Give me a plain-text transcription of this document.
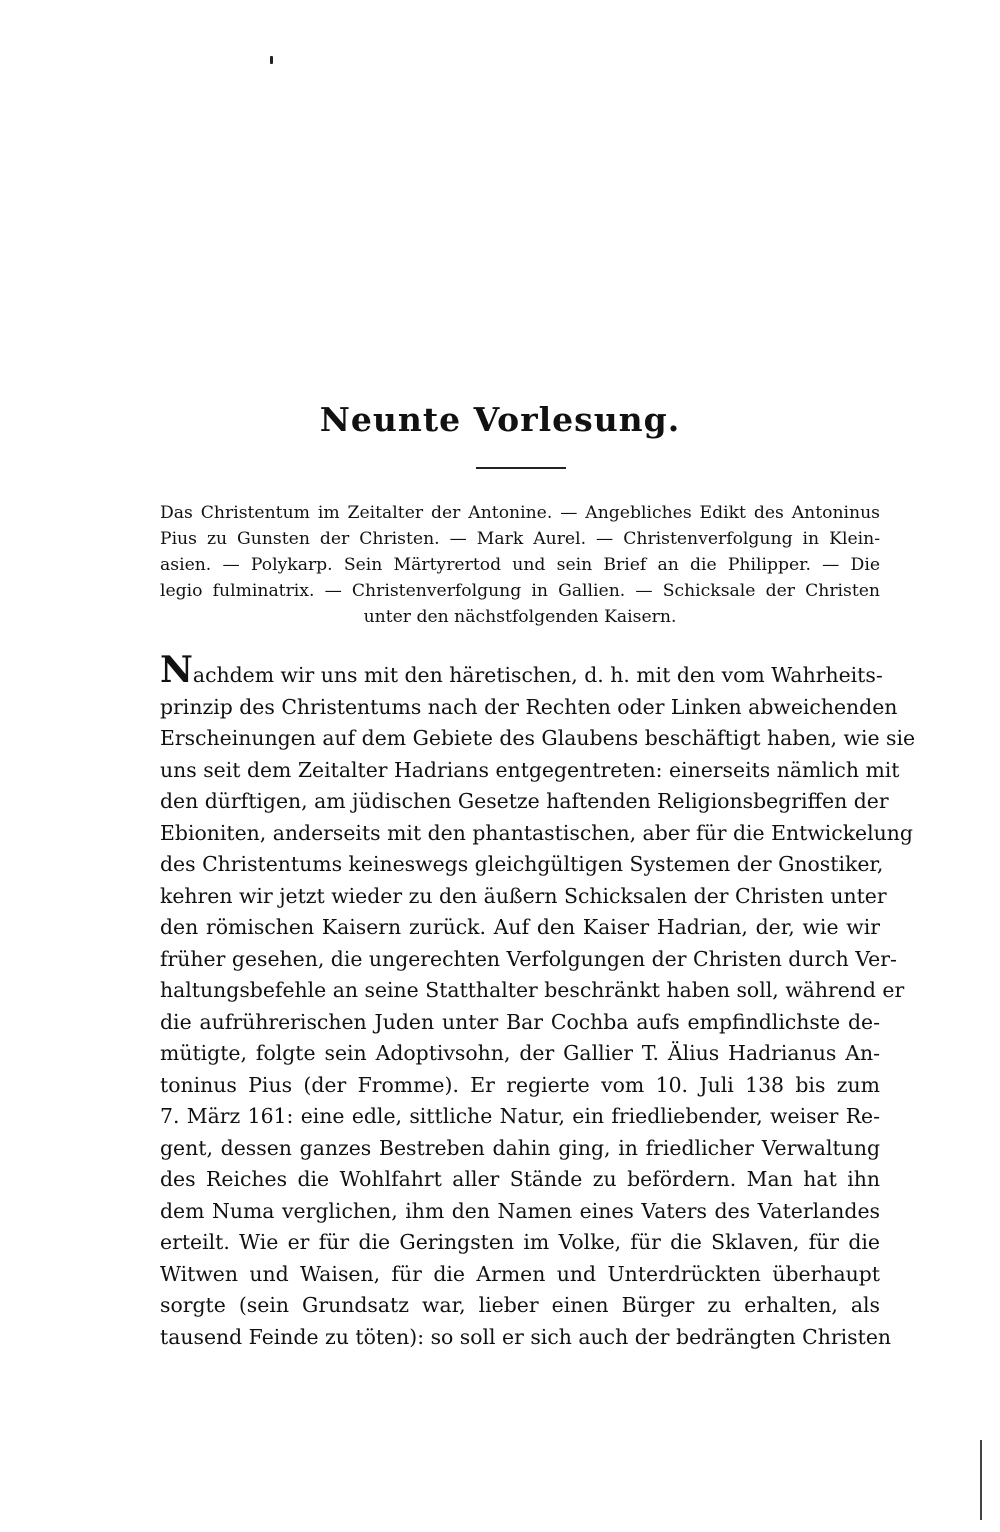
Neunte Vorlesung.
Das Christentum im Zeitalter der Antonine. — Angebliches Edikt des Antoninus
Pius zu Gunsten der Christen. — Mark Aurel. — Christenverfolgung in Klein-
asien. — Polykarp. Sein Märtyrertod und sein Brief an die Philipper. — Die
legio fulminatrix. — Christenverfolgung in Gallien. — Schicksale der Christen
unter den nächstfolgenden Kaisern.
Nachdem wir uns mit den häretischen, d. h. mit den vom Wahrheits-
prinzip des Christentums nach der Rechten oder Linken abweichenden
Erscheinungen auf dem Gebiete des Glaubens beschäftigt haben, wie sie
uns seit dem Zeitalter Hadrians entgegentreten: einerseits nämlich mit
den dürftigen, am jüdischen Gesetze haftenden Religionsbegriffen der
Ebioniten, anderseits mit den phantastischen, aber für die Entwickelung
des Christentums keineswegs gleichgültigen Systemen der Gnostiker,
kehren wir jetzt wieder zu den äußern Schicksalen der Christen unter
den römischen Kaisern zurück. Auf den Kaiser Hadrian, der, wie wir
früher gesehen, die ungerechten Verfolgungen der Christen durch Ver-
haltungsbefehle an seine Statthalter beschränkt haben soll, während er
die aufrührerischen Juden unter Bar Cochba aufs empfindlichste de-
mütigte, folgte sein Adoptivsohn, der Gallier T. Älius Hadrianus An-
toninus Pius (der Fromme). Er regierte vom 10. Juli 138 bis zum
7. März 161: eine edle, sittliche Natur, ein friedliebender, weiser Re-
gent, dessen ganzes Bestreben dahin ging, in friedlicher Verwaltung
des Reiches die Wohlfahrt aller Stände zu befördern. Man hat ihn
dem Numa verglichen, ihm den Namen eines Vaters des Vaterlandes
erteilt. Wie er für die Geringsten im Volke, für die Sklaven, für die
Witwen und Waisen, für die Armen und Unterdrückten überhaupt
sorgte (sein Grundsatz war, lieber einen Bürger zu erhalten, als
tausend Feinde zu töten): so soll er sich auch der bedrängten Christen
